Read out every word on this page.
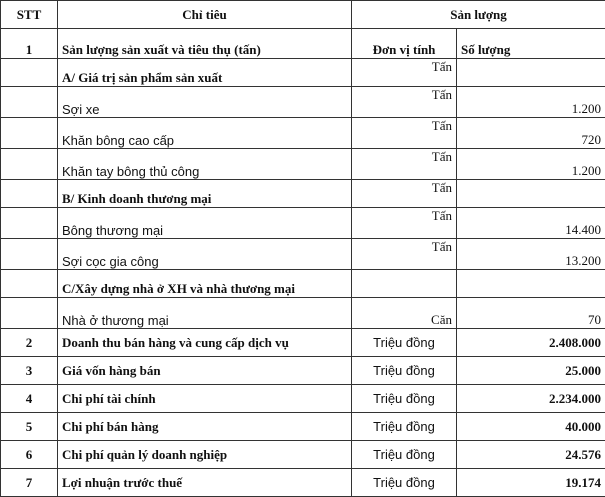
STT	Chỉ tiêu	Sản lượng	
1	Sản lượng sản xuất và tiêu thụ (tấn)	Đơn vị tính	Số lượng
	A/ Giá trị sản phẩm sản xuất	Tấn	
	Sợi xe	Tấn	1.200
	Khăn bông cao cấp	Tấn	720
	Khăn tay bông thủ công	Tấn	1.200
	B/ Kinh doanh thương mại	Tấn	
	Bông thương mại	Tấn	14.400
	Sợi cọc gia công	Tấn	13.200
	C/Xây dựng nhà ở XH và nhà thương mại		
	Nhà ở thương mại	Căn	70
2	Doanh thu bán hàng và cung cấp dịch vụ	Triệu đồng	2.408.000
3	Giá vốn hàng bán	Triệu đồng	25.000
4	Chi phí tài chính	Triệu đồng	2.234.000
5	Chi phí bán hàng	Triệu đồng	40.000
6	Chi phí quản lý doanh nghiệp	Triệu đồng	24.576
7	Lợi nhuận trước thuế	Triệu đồng	19.174
